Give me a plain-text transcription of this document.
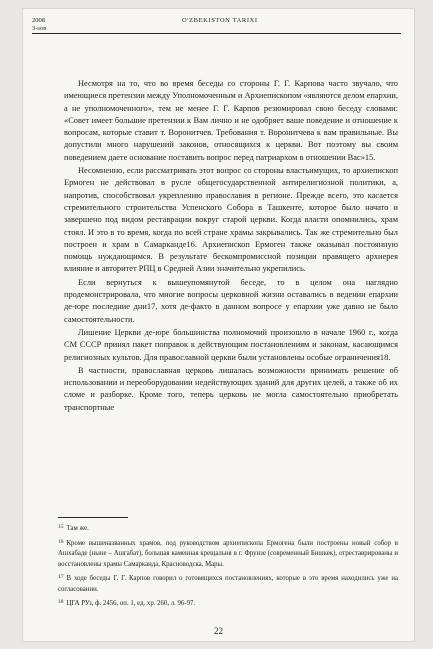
2008
3-son
O'ZBEKISTON TARIXI

Несмотря на то, что во время беседы со стороны Г. Г. Карпова часто звучало, что имеющиеся претензии между Уполномоченным и Архиепископом «являются делом епархии, а не уполномоченного», тем не менее Г. Г. Карпов резюмировал свою беседу словами: «Совет имеет большие претензии к Вам лично и не одобряет ваше поведение и отношение к вопросам, которые ставит т. Воронитчев. Требования т. Воронитчева к вам правильные. Вы допустили много нарушений законов, относящихся к церкви. Вот поэтому вы своим поведением даете основание поставить вопрос перед патриархом в отношении Вас»15.

Несомненно, если рассматривать этот вопрос со стороны властьимущих, то архиепископ Ермоген не действовал в русле общегосударственной антирелигиозной политики, а, напротив, способствовал укреплению православия в регионе. Прежде всего, это касается стремительного строительства Успенского Собора в Ташкенте, которое было начато и завершено под видом реставрации вокруг старой церкви. Когда власти опомнились, храм стоял. И это в то время, когда по всей стране храмы закрывались. Так же стремительно был построен и храм в Самарканде16. Архиепископ Ермоген также оказывал постоянную помощь нуждающимся. В результате бескомпромиссной позиции правящего архиерея влияние и авторитет РПЦ в Средней Азии значительно укрепились.

Если вернуться к вышеупомянутой беседе, то в целом она наглядно продемонстрировала, что многие вопросы церковной жизни оставались в ведении епархии де-юре последние дни17, хотя де-факто в данном вопросе у епархии уже давно не было самостоятельности.

Лишение Церкви де-юре большинства полномочий произошло в начале 1960 г., когда СМ СССР принял пакет поправок к действующим постановлениям и законам, касающимся религиозных культов. Для православной церкви были установлены особые ограничения18.

В частности, православная церковь лишалась возможности принимать решение об использовании и переоборудовании недействующих зданий для других целей, а также об их сломе и разборке. Кроме того, теперь церковь не могла самостоятельно приобретать транспортные

$^{15}$ Там же.

$^{16}$ Кроме вышеназванных храмов, под руководством архиепископа Ермогена были построены новый собор в Ашхабаде (ныне – Ашгабат), большая каменная крещальня в г. Фрунзе (современный Бишкек), отреставрированы и восстановлены храмы Самарканда, Красноводска, Мары.

$^{17}$ В ходе беседы Г. Г. Карпов говорил о готовящихся постановлениях, которые в это время находились уже на согласовании.

$^{18}$ ЦГА РУз, ф. 2456, оп. 1, ед. хр. 260, л. 96-97.

22
